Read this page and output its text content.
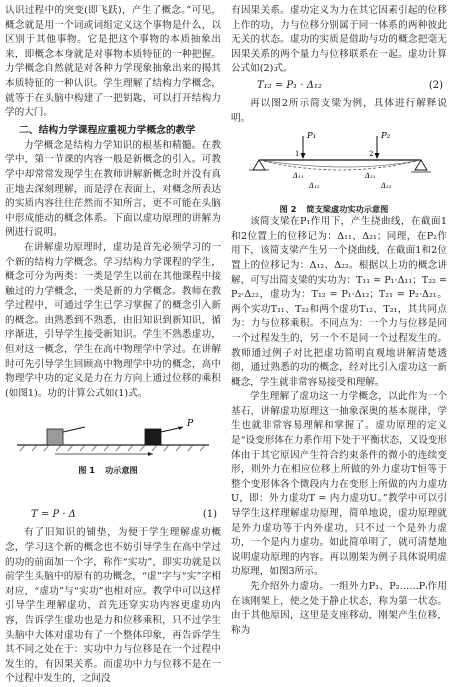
认识过程中的突变(即飞跃)，产生了概念。”可见，概念就是用一个词或词组定义这个事物是什么，以区别于其他事物。它是把这个事物的本质抽象出来，即概念本身就是对事物本质特征的一种把握。力学概念自然就是对各种力学现象抽象出来的揭其本质特征的一种认识。学生理解了结构力学概念，就等于在头脑中构建了一把钥匙，可以打开结构力学的大门。

二、结构力学课程应重视力学概念的教学

力学概念是结构力学知识的根基和精髓。在教学中，第一节课的内容一般是新概念的引入。可教学中却常常发现学生在教师讲解新概念时并没有真正地去深刻理解，而是浮在表面上，对概念所表达的实质内容往往茫然而不知所言，更不可能在头脑中形成能动的概念体系。下面以虚功原理的讲解为例进行说明。

在讲解虚功原理时，虚功是首先必须学习的一个新的结构力学概念。学习结构力学课程的学生，概念可分为两类：一类是学生以前在其他课程中接触过的力学概念，一类是新的力学概念。教师在教学过程中，可通过学生已学习掌握了的概念引入新的概念。由熟悉到不熟悉，由旧知识到新知识，循序渐进，引导学生接受新知识。学生不熟悉虚功，但对这一概念，学生在高中物理学中学过。在讲解时可先引导学生回顾高中物理学中功的概念，高中物理学中功的定义是力在力方向上通过位移的乘积(如图1)。功的计算公式如(1)式。

P
图 1 功示意图
T = P · Δ	(1)

有了旧知识的铺垫，为便于学生理解虚功概念，学习这个新的概念也不妨引导学生在高中学过的功的前面加一个字，称作“实功”，即实功就是以前学生头脑中的原有的功概念，“虚”字与“实”字相对应，“虚功”与“实功”也相对应。教学中可以这样引导学生理解虚功，首先还穿实功内容更虚功内容，告诉学生虚功也是力和位移乘积，只不过学生头脑中大体对虚功有了一个整体印象，再告诉学生其不同之处在于：实功中力与位移是在一个过程中发生的，有因果关系。而虚功中力与位移不是在一个过程中发生的，之间没

有因果关系。虚功定义为力在其它因素引起的位移上作的功，力与位移分别属于同一体系的两种彼此无关的状态。虚功的实质是借助与功的概念把毫无因果关系的两个量力与位移联系在一起。虚功计算公式如(2)式。

T₁₂ = P₁ · Δ₁₂	(2)

再以图2所示简支梁为例，具体进行解释说明。

P₁	P₂
1	2
Δ₁₁	Δ₂₁
Δ₁₂	Δ₂₂
图 2 简支梁虚功实功示意图

该简支梁在P₁作用下，产生挠曲线，在截面1和2位置上的位移记为：Δ₁₁、Δ₂₁；同理，在P₂作用下，该简支梁产生另一个挠曲线，在截面1和2位置上的位移记为：Δ₁₂、Δ₂₂。根据以上功的概念讲解，可写出简支梁的实功为：T₁₁ = P₁·Δ₁₁；T₂₂ = P₂·Δ₂₂，虚功为：T₁₂ = P₁·Δ₁₂；T₂₁ = P₂·Δ₂₁。两个实功T₁₁、T₂₂和两个虚功T₁₂、T₂₁，其共同点为：力与位移乘积。不同点为：一个力与位移是同一个过程发生的，另一个不是同一个过程发生的。教师通过例子对比把虚功简明直观地讲解清楚透彻，通过熟悉的功的概念，经对比引入虚功这一新概念，学生就非常容易接受和理解。

学生理解了虚功这一力学概念，以此作为一个基石，讲解虚功原理这一抽象深奥的基本规律，学生也就非常容易理解和掌握了。虚功原理的定义是“设变形体在力系作用下处于平衡状态，又设变形体由于其它原因产生符合约束条件的微小的连续变形，则外力在相应位移上所做的外力虚功T恒等于整个变形体各个微段内力在变形上所做的内力虚功U，即：外力虚功T = 内力虚功U。”教学中可以引导学生这样理解虚功原理，简单地说，虚功原理就是外力虚功等于内外虚功，只不过一个是外力虚功，一个是内力虚功。如此简单明了，就可清楚地说明虚功原理的内容。再以刚架为例子具体说明虚功原理，如图3所示。

先介绍外力虚功。一组外力P₁、P₂……Pᵢ作用在该刚架上，使之处于静止状态，称为第一状态。由于其他原因，这里是支座移动，刚架产生位移，称为
